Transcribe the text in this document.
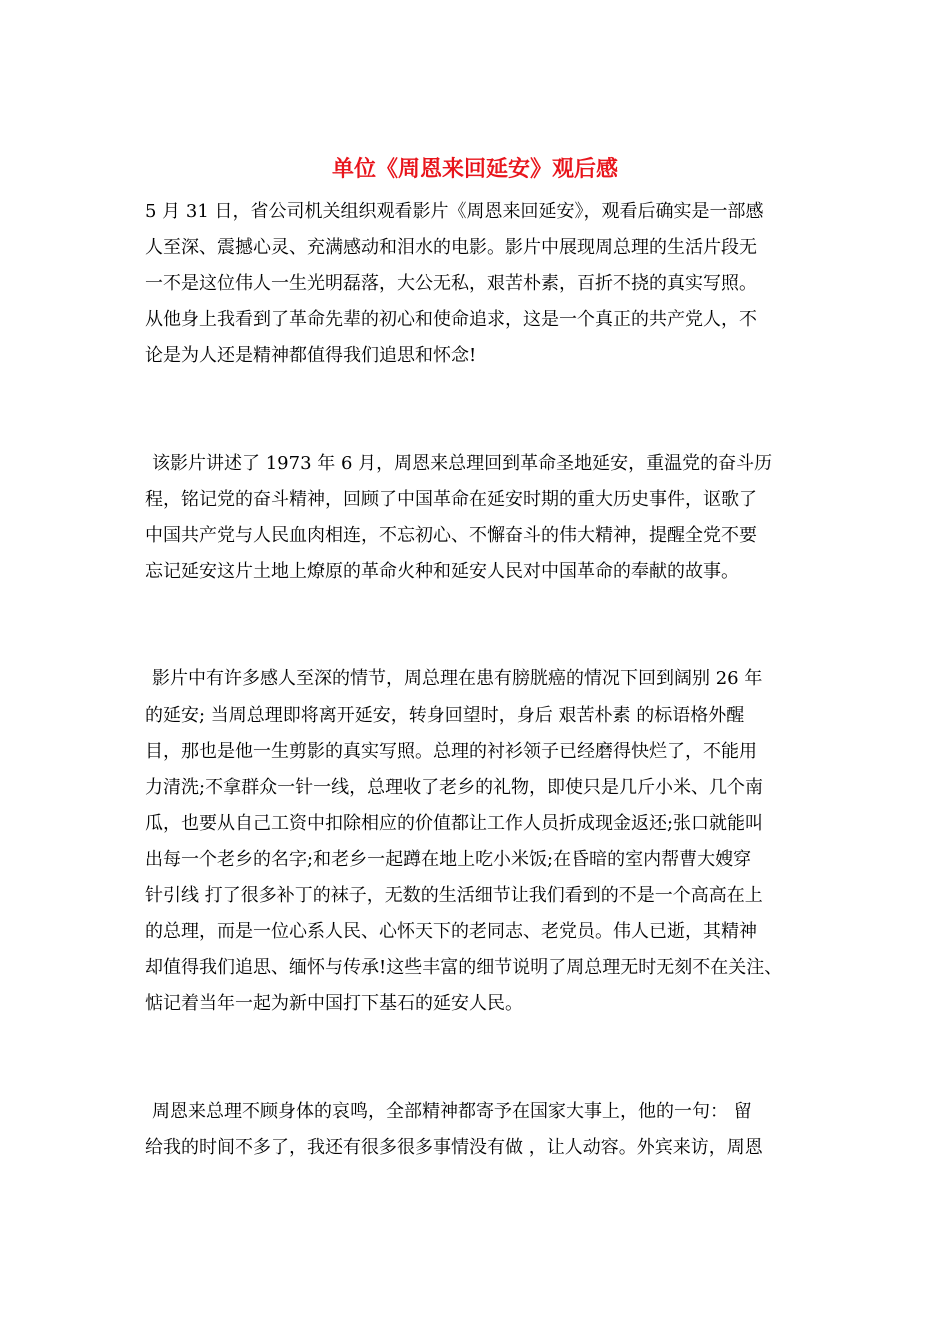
单位《周恩来回延安》观后感

5 月 31 日，省公司机关组织观看影片《周恩来回延安》，观看后确实是一部感

人至深、震撼心灵、充满感动和泪水的电影。影片中展现周总理的生活片段无

一不是这位伟人一生光明磊落，大公无私，艰苦朴素，百折不挠的真实写照。

从他身上我看到了革命先辈的初心和使命追求，这是一个真正的共产党人，不

论是为人还是精神都值得我们追思和怀念!

该影片讲述了 1973 年 6 月，周恩来总理回到革命圣地延安，重温党的奋斗历

程，铭记党的奋斗精神，回顾了中国革命在延安时期的重大历史事件，讴歌了

中国共产党与人民血肉相连，不忘初心、不懈奋斗的伟大精神，提醒全党不要

忘记延安这片土地上燎原的革命火种和延安人民对中国革命的奉献的故事。

影片中有许多感人至深的情节，周总理在患有膀胱癌的情况下回到阔别 26 年

的延安; 当周总理即将离开延安，转身回望时，身后 艰苦朴素 的标语格外醒

目，那也是他一生剪影的真实写照。总理的衬衫领子已经磨得快烂了，不能用

力清洗;不拿群众一针一线，总理收了老乡的礼物，即使只是几斤小米、几个南

瓜，也要从自己工资中扣除相应的价值都让工作人员折成现金返还;张口就能叫

出每一个老乡的名字;和老乡一起蹲在地上吃小米饭;在昏暗的室内帮曹大嫂穿

针引线 打了很多补丁的袜子，无数的生活细节让我们看到的不是一个高高在上

的总理，而是一位心系人民、心怀天下的老同志、老党员。伟人已逝，其精神

却值得我们追思、缅怀与传承!这些丰富的细节说明了周总理无时无刻不在关注、

惦记着当年一起为新中国打下基石的延安人民。

周恩来总理不顾身体的哀鸣，全部精神都寄予在国家大事上，他的一句： 留

给我的时间不多了，我还有很多很多事情没有做 ，让人动容。外宾来访，周恩
